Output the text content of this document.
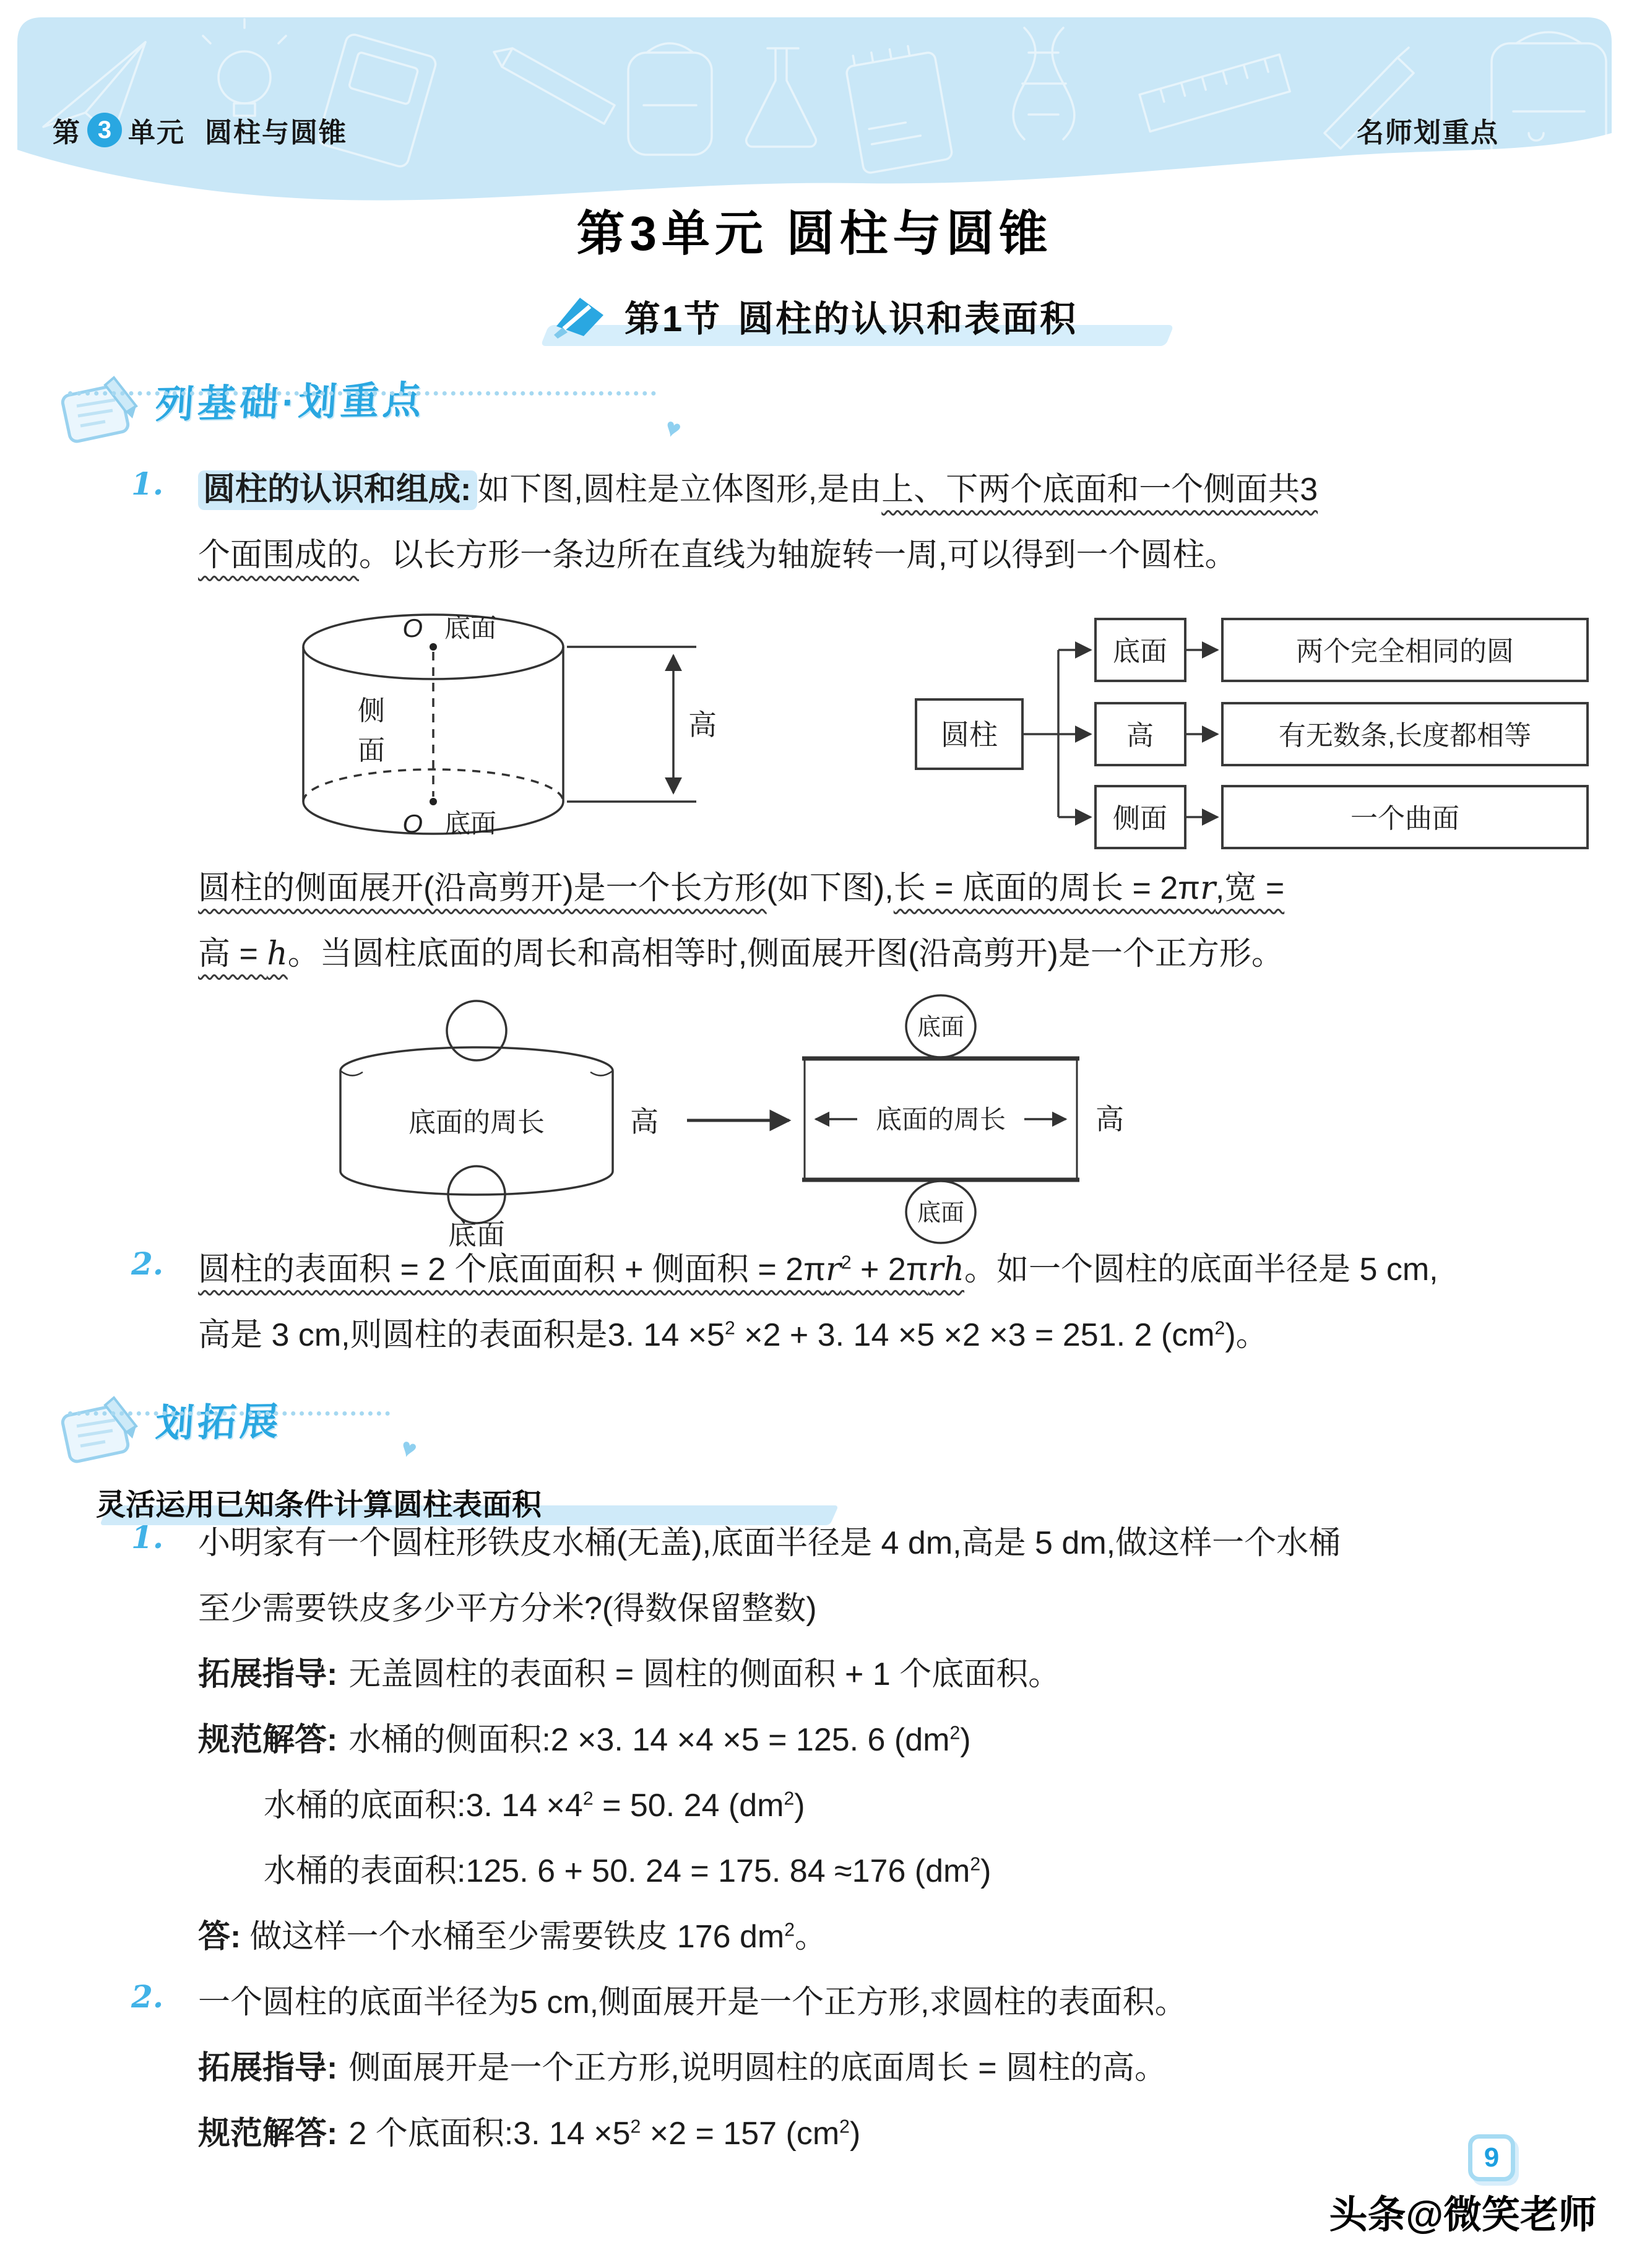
第 3 单元 圆柱与圆锥	名师划重点
第3单元 圆柱与圆锥
第1节 圆柱的认识和表面积
列基础·划重点
♥
1. 圆柱的认识和组成: 如下图,圆柱是立体图形,是由上、下两个底面和一个侧面共3
个面围成的。以长方形一条边所在直线为轴旋转一周,可以得到一个圆柱。
O 底面
侧
面
高
O 底面
圆柱
底面
高
侧面
两个完全相同的圆
有无数条,长度都相等
一个曲面
圆柱的侧面展开(沿高剪开)是一个长方形(如下图),长 = 底面的周长 = 2πr,宽 =
高 = h。当圆柱底面的周长和高相等时,侧面展开图(沿高剪开)是一个正方形。
底面的周长	高
底面
底面
底面的周长	高
底面
2. 圆柱的表面积 = 2 个底面面积 + 侧面积 = $2\pi r^2 + 2\pi rh$。如一个圆柱的底面半径是 5 cm,
高是 3 cm,则圆柱的表面积是3. $14 \times 5^2 \times 2 + 3$. 14 ×5 ×2 ×3 = 251. 2 $(cm^2)$。
划拓展
♥
灵活运用已知条件计算圆柱表面积
1. 小明家有一个圆柱形铁皮水桶(无盖),底面半径是 4 dm,高是 5 dm,做这样一个水桶
至少需要铁皮多少平方分米?(得数保留整数)
拓展指导: 无盖圆柱的表面积 = 圆柱的侧面积 + 1 个底面积。
规范解答: 水桶的侧面积:2 ×3. 14 ×4 ×5 = 125. 6 $(dm^2)$
水桶的底面积:3. $14 \times 4^2 = 50$. 24 $(dm^2)$
水桶的表面积:125. 6 + 50. 24 = 175. 84 ≈176 $(dm^2)$
答: 做这样一个水桶至少需要铁皮 176 $dm^2$。
2. 一个圆柱的底面半径为5 cm,侧面展开是一个正方形,求圆柱的表面积。
拓展指导: 侧面展开是一个正方形,说明圆柱的底面周长 = 圆柱的高。
规范解答: 2 个底面积:3. $14 \times 5^2 \times 2 = 157$ $(cm^2)$
9
头条@微笑老师
